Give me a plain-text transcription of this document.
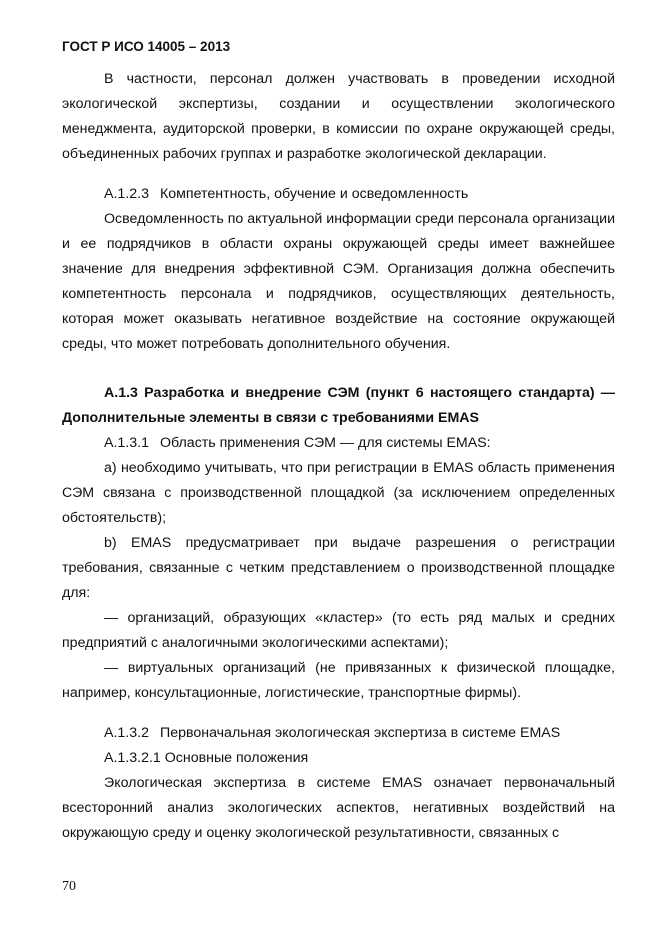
ГОСТ Р ИСО 14005 – 2013

В частности, персонал должен участвовать в проведении исходной экологической экспертизы, создании и осуществлении экологического менеджмента, аудиторской проверки, в комиссии по охране окружающей среды, объединенных рабочих группах и разработке экологической декларации.

А.1.2.3 Компетентность, обучение и осведомленность

Осведомленность по актуальной информации среди персонала организации и ее подрядчиков в области охраны окружающей среды имеет важнейшее значение для внедрения эффективной СЭМ. Организация должна обеспечить компетентность персонала и подрядчиков, осуществляющих деятельность, которая может оказывать негативное воздействие на состояние окружающей среды, что может потребовать дополнительного обучения.

А.1.3 Разработка и внедрение СЭМ (пункт 6 настоящего стандарта) — Дополнительные элементы в связи с требованиями EMAS

А.1.3.1 Область применения СЭМ — для системы EMAS:

а) необходимо учитывать, что при регистрации в EMAS область применения СЭМ связана с производственной площадкой (за исключением определенных обстоятельств);

b) EMAS предусматривает при выдаче разрешения о регистрации требования, связанные с четким представлением о производственной площадке для:

— организаций, образующих «кластер» (то есть ряд малых и средних предприятий с аналогичными экологическими аспектами);

— виртуальных организаций (не привязанных к физической площадке, например, консультационные, логистические, транспортные фирмы).

А.1.3.2 Первоначальная экологическая экспертиза в системе EMAS

А.1.3.2.1 Основные положения

Экологическая экспертиза в системе EMAS означает первоначальный всесторонний анализ экологических аспектов, негативных воздействий на окружающую среду и оценку экологической результативности, связанных с

70
